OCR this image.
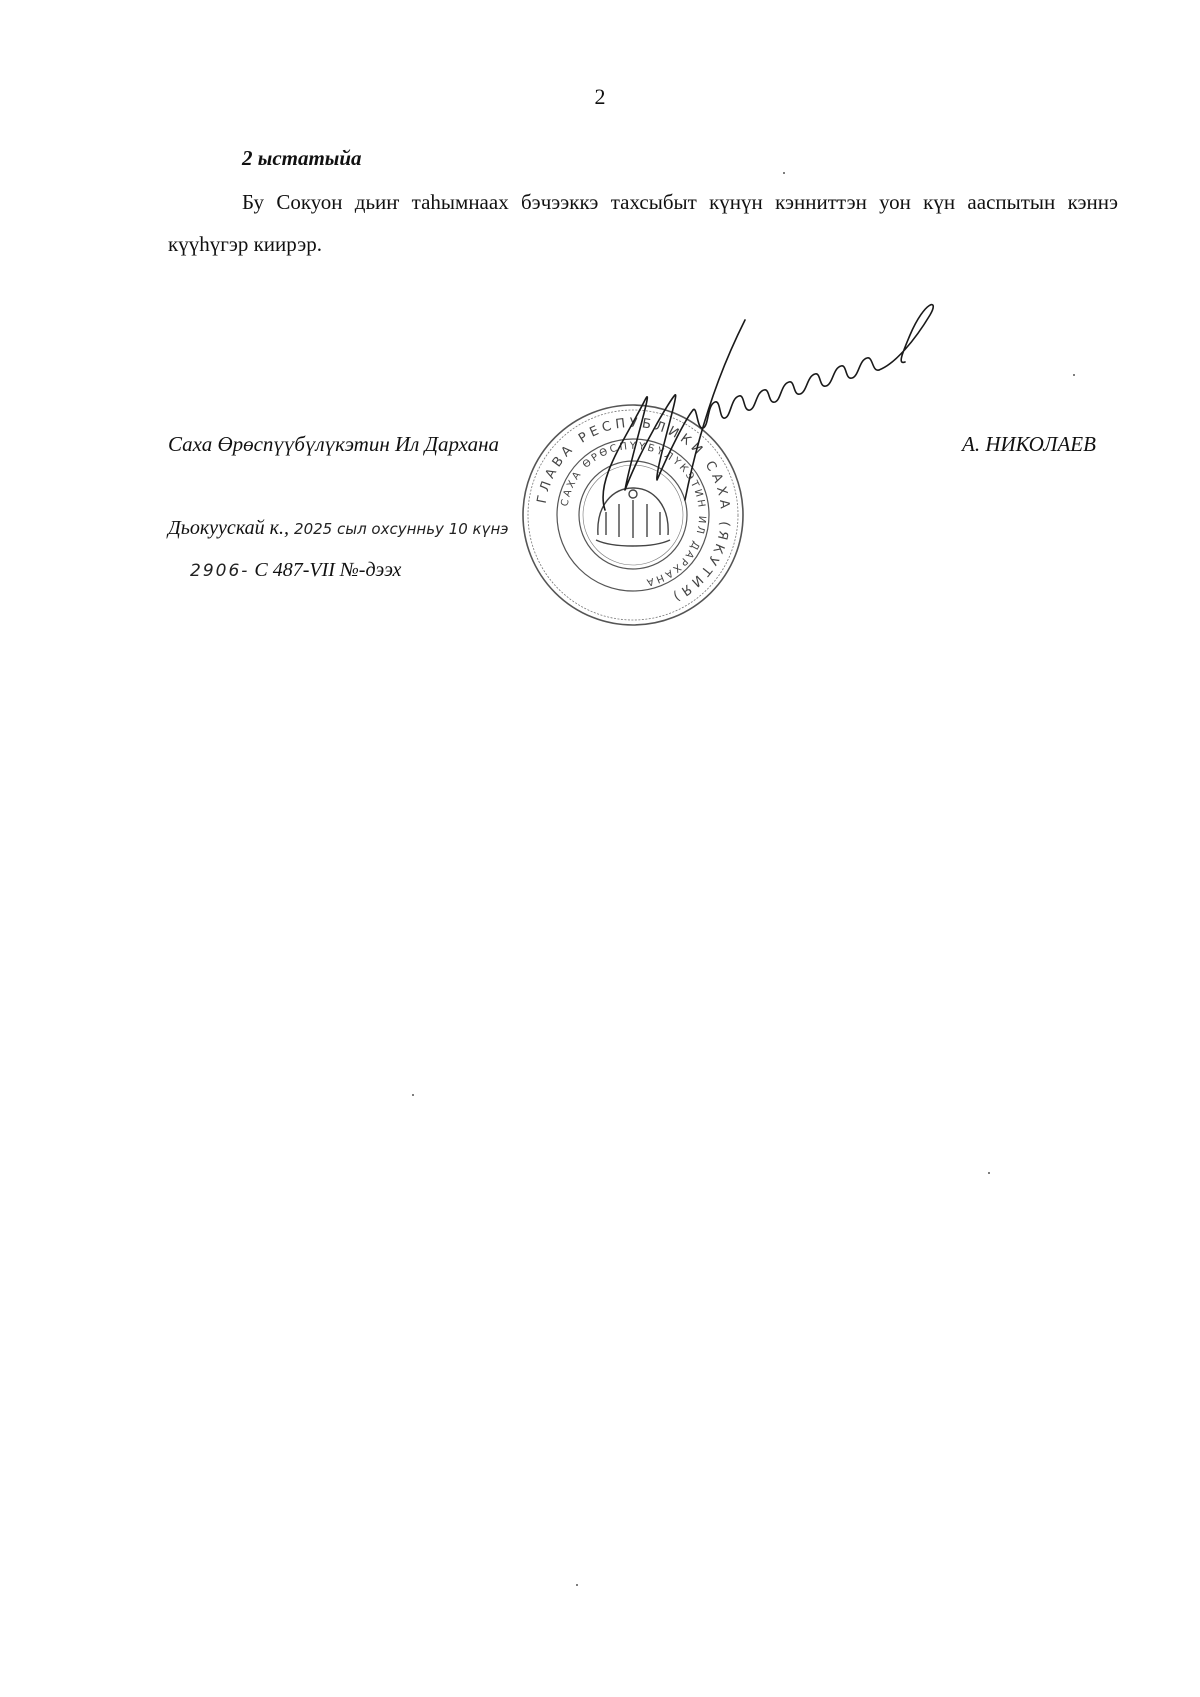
2
2 ыстатыйа

Бу Сокуон дьиҥ таһымнаах бэчээккэ тахсыбыт күнүн кэнниттэн уон күн ааспытын кэннэ күүһүгэр киирэр.

Саха Өрөспүүбүлүкэтин Ил Дарханa	А. НИКОЛАЕВ
Дьокуускай к., 2025 сыл охсунньу 10 күнэ
2906- С 487-VII №-дээх
ГЛАВА РЕСПУБЛИКИ САХА (ЯКУТИЯ)
САХА ӨРӨСПҮҮБҮЛҮКЭТИН ИЛ ДАРХАНА
